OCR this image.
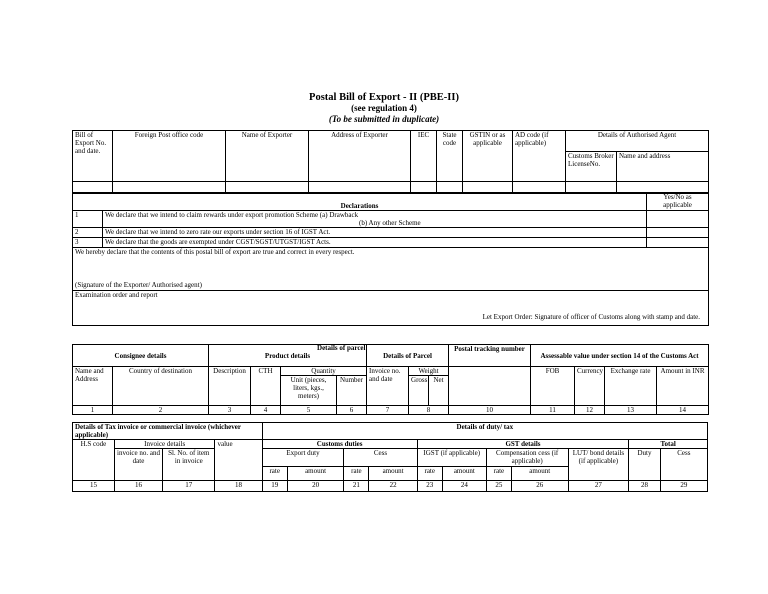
Postal Bill of Export - II (PBE-II)
(see regulation 4)
(To be submitted in duplicate)
Bill of Export No. and date.	Foreign Post office code	Name of Exporter	Address of Exporter	IEC	State code	GSTIN or as applicable	AD code (if applicable)	Details of Authorised Agent	
								Customs Broker LicenseNo.	Name and address

Declarations		Yes/No as applicable
1	We declare that we intend to claim rewards under export promotion Scheme (a) Drawback
(b) Any other Scheme	

2	We declare that we intend to zero rate our exports under section 16 of IGST Act.	
3	We declare that the goods are exempted under CGST/SGST/UTGST/IGST Acts.	

We hereby declare that the contents of this postal bill of export are true and correct in every respect.
(Signature of the Exporter/ Authorised agent)		

Examination order and report
Let Export Order: Signature of officer of Customs along with stamp and date.		
Consignee details		Product details				Details of parcel
Details of Parcel			Postal tracking number	Assessable value under section 14 of the Customs Act			
Name and Address	Country of destination	Description	CTH	Quantity		Invoice no. and date	Weight			FOB	Currency	Exchange rate	Amount in INR
				Unit (pieces, liters, kgs., meters)	Number		Gross	Net					
1	2	3	4	5	6	7	8		10	11	12	13	14
Details of Tax invoice or commercial invoice (whichever applicable)				Details of duty/ tax										
H.S code	Invoice details		value	Customs duties				GST details					Total	
	invoice no. and date	Sl. No. of item in invoice		Export duty		Cess		IGST (if applicable)		Compensation cess (if applicable)		LUT/ bond details (if applicable)	Duty	Cess
				rate	amount	rate	amount	rate	amount	rate	amount			
15	16	17	18	19	20	21	22	23	24	25	26	27	28	29
